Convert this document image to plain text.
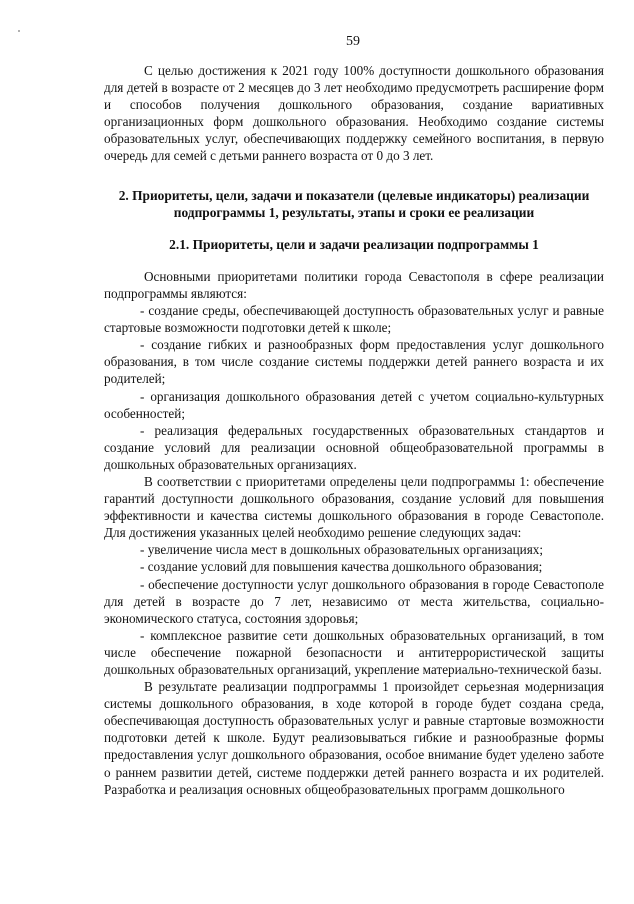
59

С целью достижения к 2021 году 100% доступности дошкольного образования для детей в возрасте от 2 месяцев до 3 лет необходимо предусмотреть расширение форм и способов получения дошкольного образования, создание вариативных организационных форм дошкольного образования. Необходимо создание системы образовательных услуг, обеспечивающих поддержку семейного воспитания, в первую очередь для семей с детьми раннего возраста от 0 до 3 лет.

2. Приоритеты, цели, задачи и показатели (целевые индикаторы) реализации подпрограммы 1, результаты, этапы и сроки ее реализации

2.1. Приоритеты, цели и задачи реализации подпрограммы 1

Основными приоритетами политики города Севастополя в сфере реализации подпрограммы являются:

- создание среды, обеспечивающей доступность образовательных услуг и равные стартовые возможности подготовки детей к школе;

- создание гибких и разнообразных форм предоставления услуг дошкольного образования, в том числе создание системы поддержки детей раннего возраста и их родителей;

- организация дошкольного образования детей с учетом социально-культурных особенностей;

- реализация федеральных государственных образовательных стандартов и создание условий для реализации основной общеобразовательной программы в дошкольных образовательных организациях.

В соответствии с приоритетами определены цели подпрограммы 1: обеспечение гарантий доступности дошкольного образования, создание условий для повышения эффективности и качества системы дошкольного образования в городе Севастополе. Для достижения указанных целей необходимо решение следующих задач:

- увеличение числа мест в дошкольных образовательных организациях;

- создание условий для повышения качества дошкольного образования;

- обеспечение доступности услуг дошкольного образования в городе Севастополе для детей в возрасте до 7 лет, независимо от места жительства, социально-экономического статуса, состояния здоровья;

- комплексное развитие сети дошкольных образовательных организаций, в том числе обеспечение пожарной безопасности и антитеррористической защиты дошкольных образовательных организаций, укрепление материально-технической базы.

В результате реализации подпрограммы 1 произойдет серьезная модернизация системы дошкольного образования, в ходе которой в городе будет создана среда, обеспечивающая доступность образовательных услуг и равные стартовые возможности подготовки детей к школе. Будут реализовываться гибкие и разнообразные формы предоставления услуг дошкольного образования, особое внимание будет уделено заботе о раннем развитии детей, системе поддержки детей раннего возраста и их родителей. Разработка и реализация основных общеобразовательных программ дошкольного
